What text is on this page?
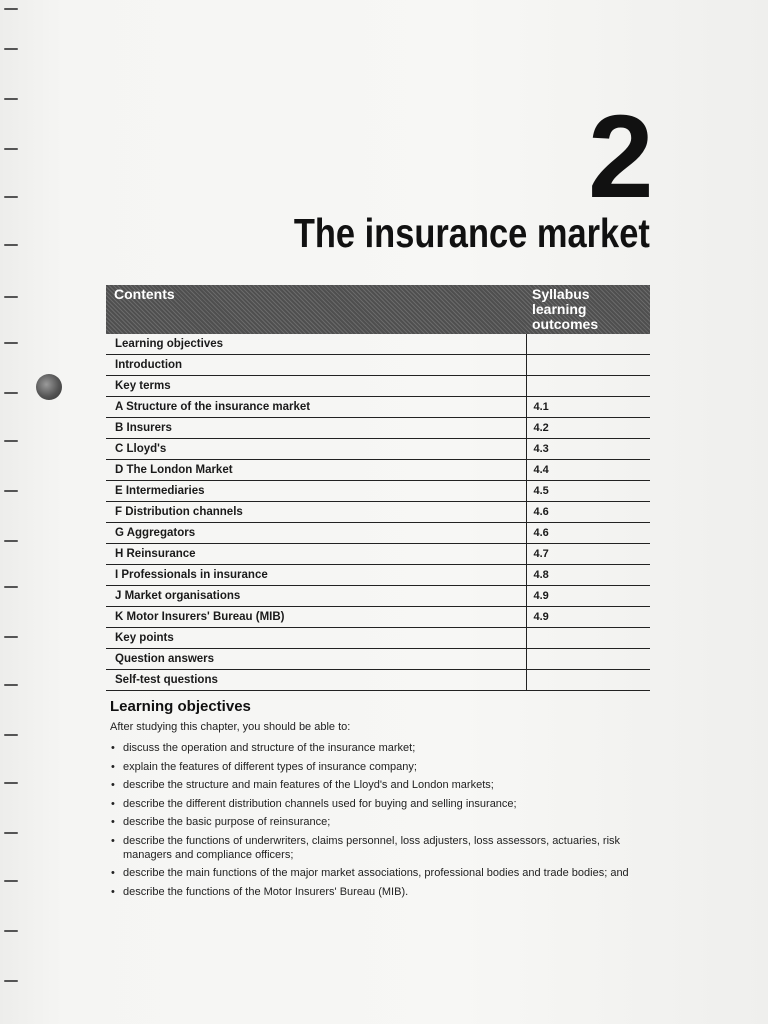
2
The insurance market
Contents	Syllabus learning outcomes
Learning objectives	
Introduction	
Key terms	
A Structure of the insurance market	4.1
B Insurers	4.2
C Lloyd's	4.3
D The London Market	4.4
E Intermediaries	4.5
F Distribution channels	4.6
G Aggregators	4.6
H Reinsurance	4.7
I Professionals in insurance	4.8
J Market organisations	4.9
K Motor Insurers' Bureau (MIB)	4.9
Key points	
Question answers	
Self-test questions	
Learning objectives

After studying this chapter, you should be able to:

• discuss the operation and structure of the insurance market;
• explain the features of different types of insurance company;
• describe the structure and main features of the Lloyd's and London markets;
• describe the different distribution channels used for buying and selling insurance;
• describe the basic purpose of reinsurance;
• describe the functions of underwriters, claims personnel, loss adjusters, loss assessors, actuaries, risk managers and compliance officers;
• describe the main functions of the major market associations, professional bodies and trade bodies; and
• describe the functions of the Motor Insurers' Bureau (MIB).
